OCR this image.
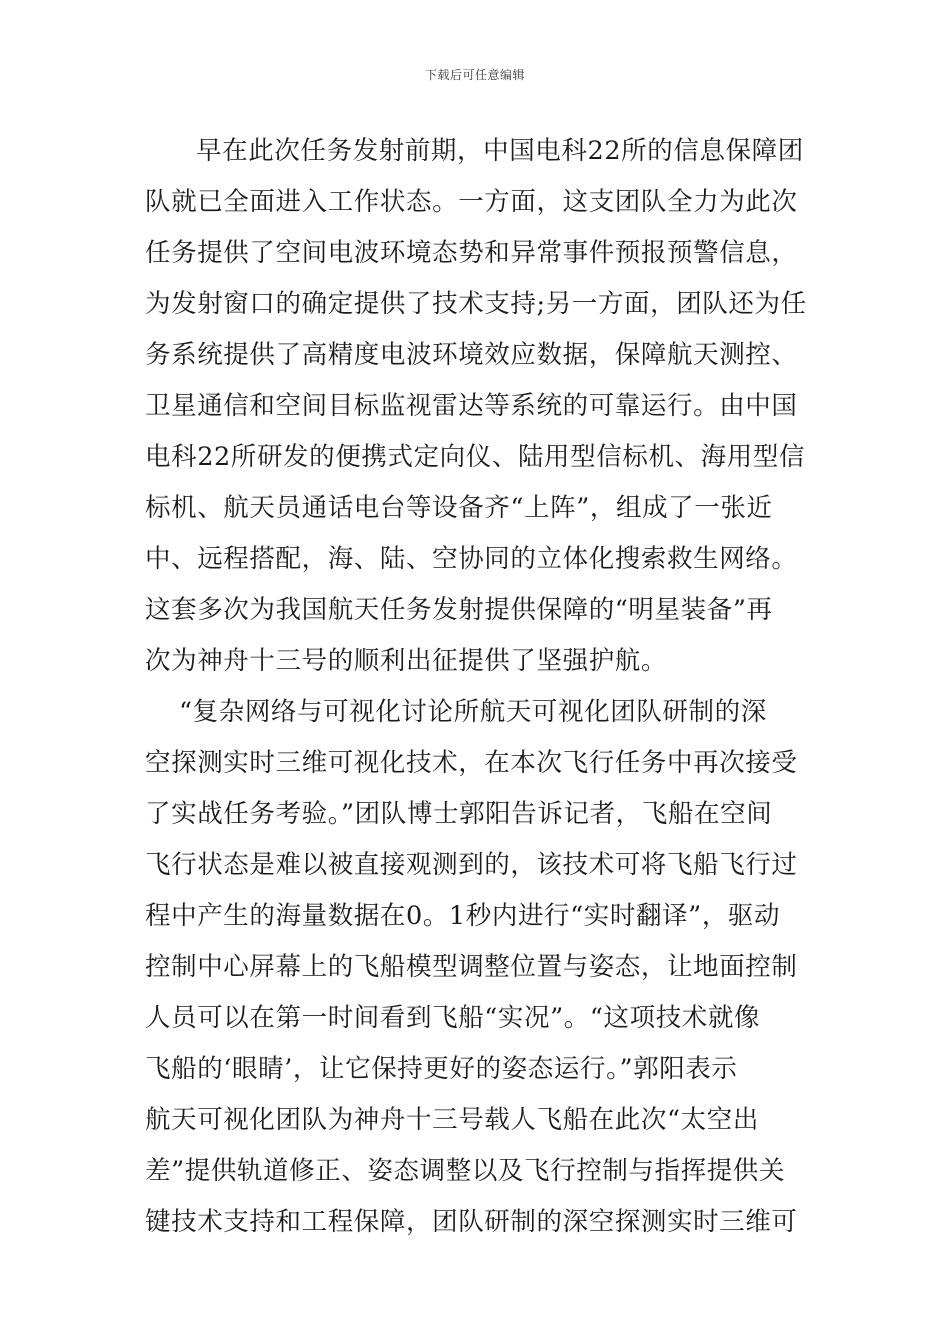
下载后可任意编辑
早在此次任务发射前期，中国电科22所的信息保障团
队就已全面进入工作状态。一方面，这支团队全力为此次
任务提供了空间电波环境态势和异常事件预报预警信息，
为发射窗口的确定提供了技术支持;另一方面，团队还为任
务系统提供了高精度电波环境效应数据，保障航天测控、
卫星通信和空间目标监视雷达等系统的可靠运行。由中国
电科22所研发的便携式定向仪、陆用型信标机、海用型信
标机、航天员通话电台等设备齐“上阵”，组成了一张近
中、远程搭配，海、陆、空协同的立体化搜索救生网络。
这套多次为我国航天任务发射提供保障的“明星装备”再
次为神舟十三号的顺利出征提供了坚强护航。
“复杂网络与可视化讨论所航天可视化团队研制的深
空探测实时三维可视化技术，在本次飞行任务中再次接受
了实战任务考验。”团队博士郭阳告诉记者，飞船在空间
飞行状态是难以被直接观测到的，该技术可将飞船飞行过
程中产生的海量数据在0。1秒内进行“实时翻译”，驱动
控制中心屏幕上的飞船模型调整位置与姿态，让地面控制
人员可以在第一时间看到飞船“实况”。“这项技术就像
飞船的‘眼睛’，让它保持更好的姿态运行。”郭阳表示
航天可视化团队为神舟十三号载人飞船在此次“太空出
差”提供轨道修正、姿态调整以及飞行控制与指挥提供关
键技术支持和工程保障，团队研制的深空探测实时三维可
